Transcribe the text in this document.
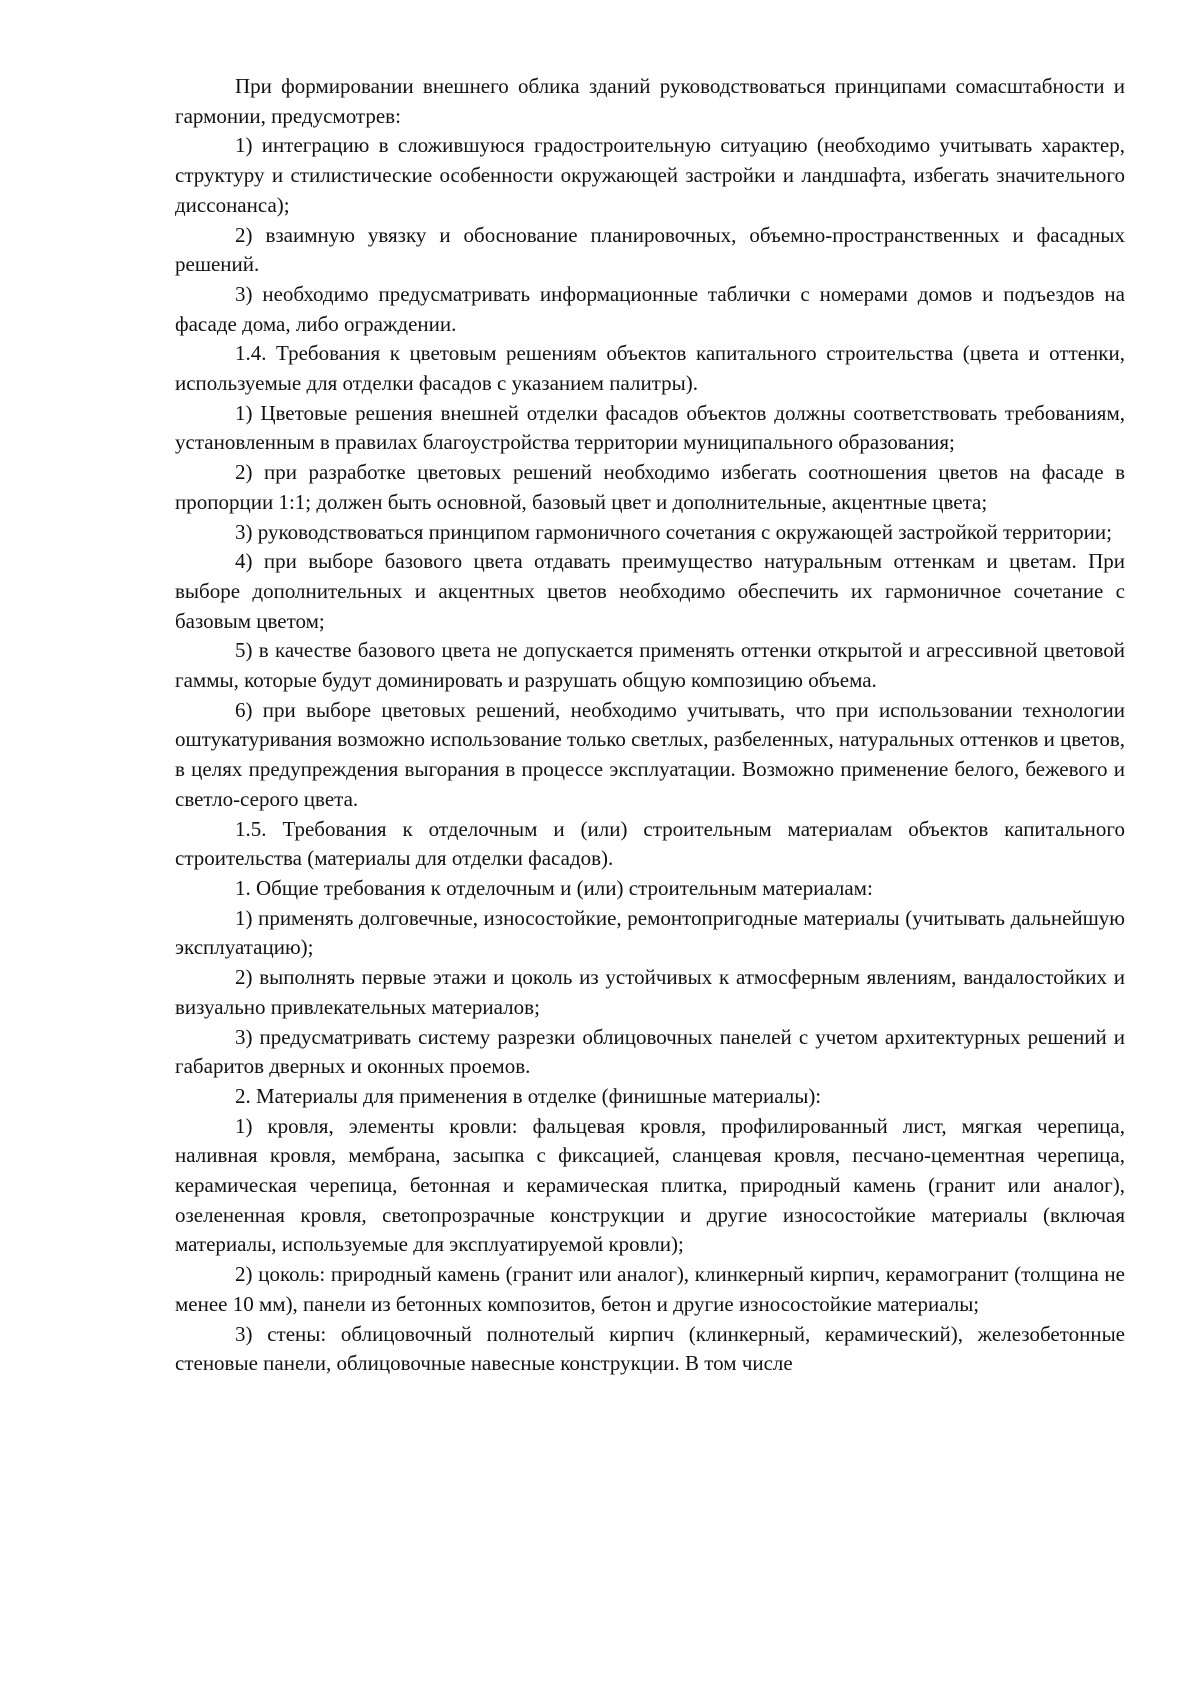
При формировании внешнего облика зданий руководствоваться принципами сомасштабности и гармонии, предусмотрев:

1) интеграцию в сложившуюся градостроительную ситуацию (необходимо учитывать характер, структуру и стилистические особенности окружающей застройки и ландшафта, избегать значительного диссонанса);

2) взаимную увязку и обоснование планировочных, объемно-пространственных и фасадных решений.

3) необходимо предусматривать информационные таблички с номерами домов и подъездов на фасаде дома, либо ограждении.

1.4. Требования к цветовым решениям объектов капитального строительства (цвета и оттенки, используемые для отделки фасадов с указанием палитры).

1) Цветовые решения внешней отделки фасадов объектов должны соответствовать требованиям, установленным в правилах благоустройства территории муниципального образования;

2) при разработке цветовых решений необходимо избегать соотношения цветов на фасаде в пропорции 1:1; должен быть основной, базовый цвет и дополнительные, акцентные цвета;

3) руководствоваться принципом гармоничного сочетания с окружающей застройкой территории;

4) при выборе базового цвета отдавать преимущество натуральным оттенкам и цветам. При выборе дополнительных и акцентных цветов необходимо обеспечить их гармоничное сочетание с базовым цветом;

5) в качестве базового цвета не допускается применять оттенки открытой и агрессивной цветовой гаммы, которые будут доминировать и разрушать общую композицию объема.

6) при выборе цветовых решений, необходимо учитывать, что при использовании технологии оштукатуривания возможно использование только светлых, разбеленных, натуральных оттенков и цветов, в целях предупреждения выгорания в процессе эксплуатации. Возможно применение белого, бежевого и светло-серого цвета.

1.5. Требования к отделочным и (или) строительным материалам объектов капитального строительства (материалы для отделки фасадов).

1. Общие требования к отделочным и (или) строительным материалам:

1) применять долговечные, износостойкие, ремонтопригодные материалы (учитывать дальнейшую эксплуатацию);

2) выполнять первые этажи и цоколь из устойчивых к атмосферным явлениям, вандалостойких и визуально привлекательных материалов;

3) предусматривать систему разрезки облицовочных панелей с учетом архитектурных решений и габаритов дверных и оконных проемов.

2. Материалы для применения в отделке (финишные материалы):

1) кровля, элементы кровли: фальцевая кровля, профилированный лист, мягкая черепица, наливная кровля, мембрана, засыпка с фиксацией, сланцевая кровля, песчано-цементная черепица, керамическая черепица, бетонная и керамическая плитка, природный камень (гранит или аналог), озелененная кровля, светопрозрачные конструкции и другие износостойкие материалы (включая материалы, используемые для эксплуатируемой кровли);

2) цоколь: природный камень (гранит или аналог), клинкерный кирпич, керамогранит (толщина не менее 10 мм), панели из бетонных композитов, бетон и другие износостойкие материалы;

3) стены: облицовочный полнотелый кирпич (клинкерный, керамический), железобетонные стеновые панели, облицовочные навесные конструкции. В том числе
